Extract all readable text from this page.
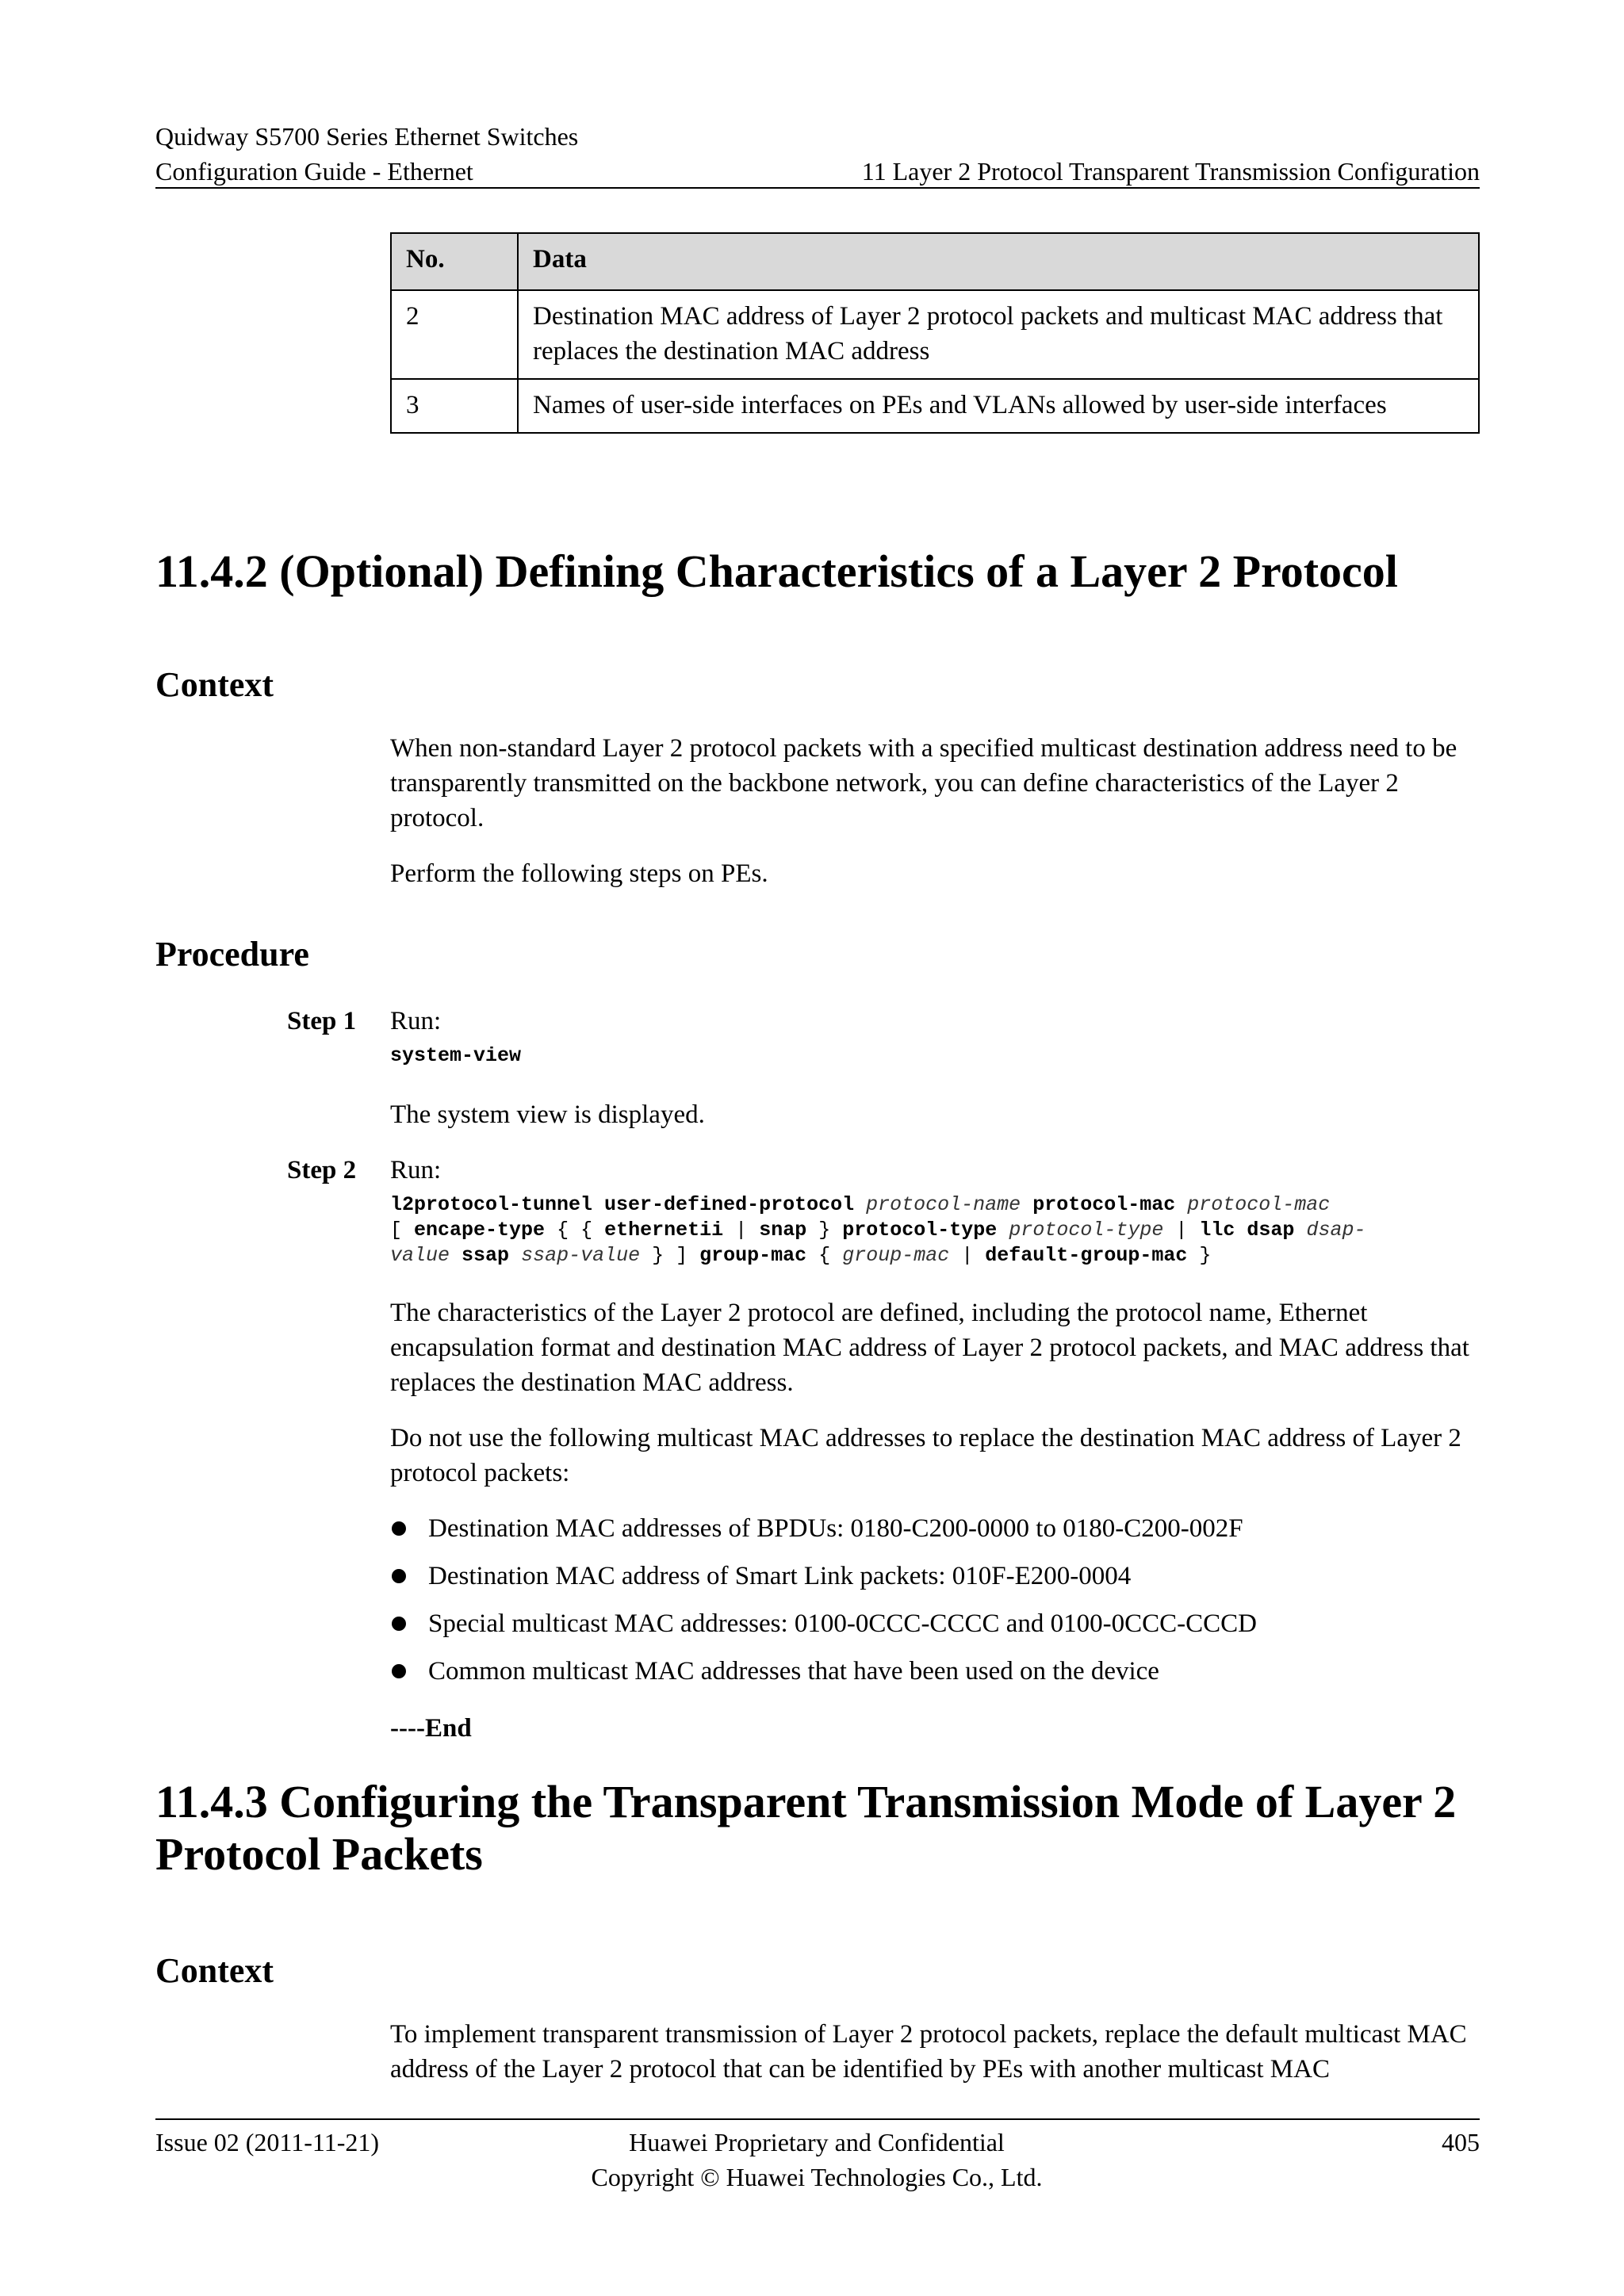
Quidway S5700 Series Ethernet Switches
Configuration Guide - Ethernet	11 Layer 2 Protocol Transparent Transmission Configuration
No.	Data
2	Destination MAC address of Layer 2 protocol packets and multicast MAC address that replaces the destination MAC address
3	Names of user-side interfaces on PEs and VLANs allowed by user-side interfaces
11.4.2 (Optional) Defining Characteristics of a Layer 2 Protocol
Context
When non-standard Layer 2 protocol packets with a specified multicast destination address need to be transparently transmitted on the backbone network, you can define characteristics of the Layer 2 protocol.
Perform the following steps on PEs.
Procedure
Step 1 Run:
system-view
The system view is displayed.
Step 2 Run:
l2protocol-tunnel user-defined-protocol protocol-name protocol-mac protocol-mac
[ encape-type { { ethernetii | snap } protocol-type protocol-type | llc dsap dsap-
value ssap ssap-value } ] group-mac { group-mac | default-group-mac }
The characteristics of the Layer 2 protocol are defined, including the protocol name, Ethernet encapsulation format and destination MAC address of Layer 2 protocol packets, and MAC address that replaces the destination MAC address.
Do not use the following multicast MAC addresses to replace the destination MAC address of Layer 2 protocol packets:
Destination MAC addresses of BPDUs: 0180-C200-0000 to 0180-C200-002F
Destination MAC address of Smart Link packets: 010F-E200-0004
Special multicast MAC addresses: 0100-0CCC-CCCC and 0100-0CCC-CCCD
Common multicast MAC addresses that have been used on the device
----End
11.4.3 Configuring the Transparent Transmission Mode of Layer 2
Protocol Packets
Context
To implement transparent transmission of Layer 2 protocol packets, replace the default multicast MAC address of the Layer 2 protocol that can be identified by PEs with another multicast MAC
Issue 02 (2011-11-21)	Huawei Proprietary and Confidential
Copyright © Huawei Technologies Co., Ltd.
405
